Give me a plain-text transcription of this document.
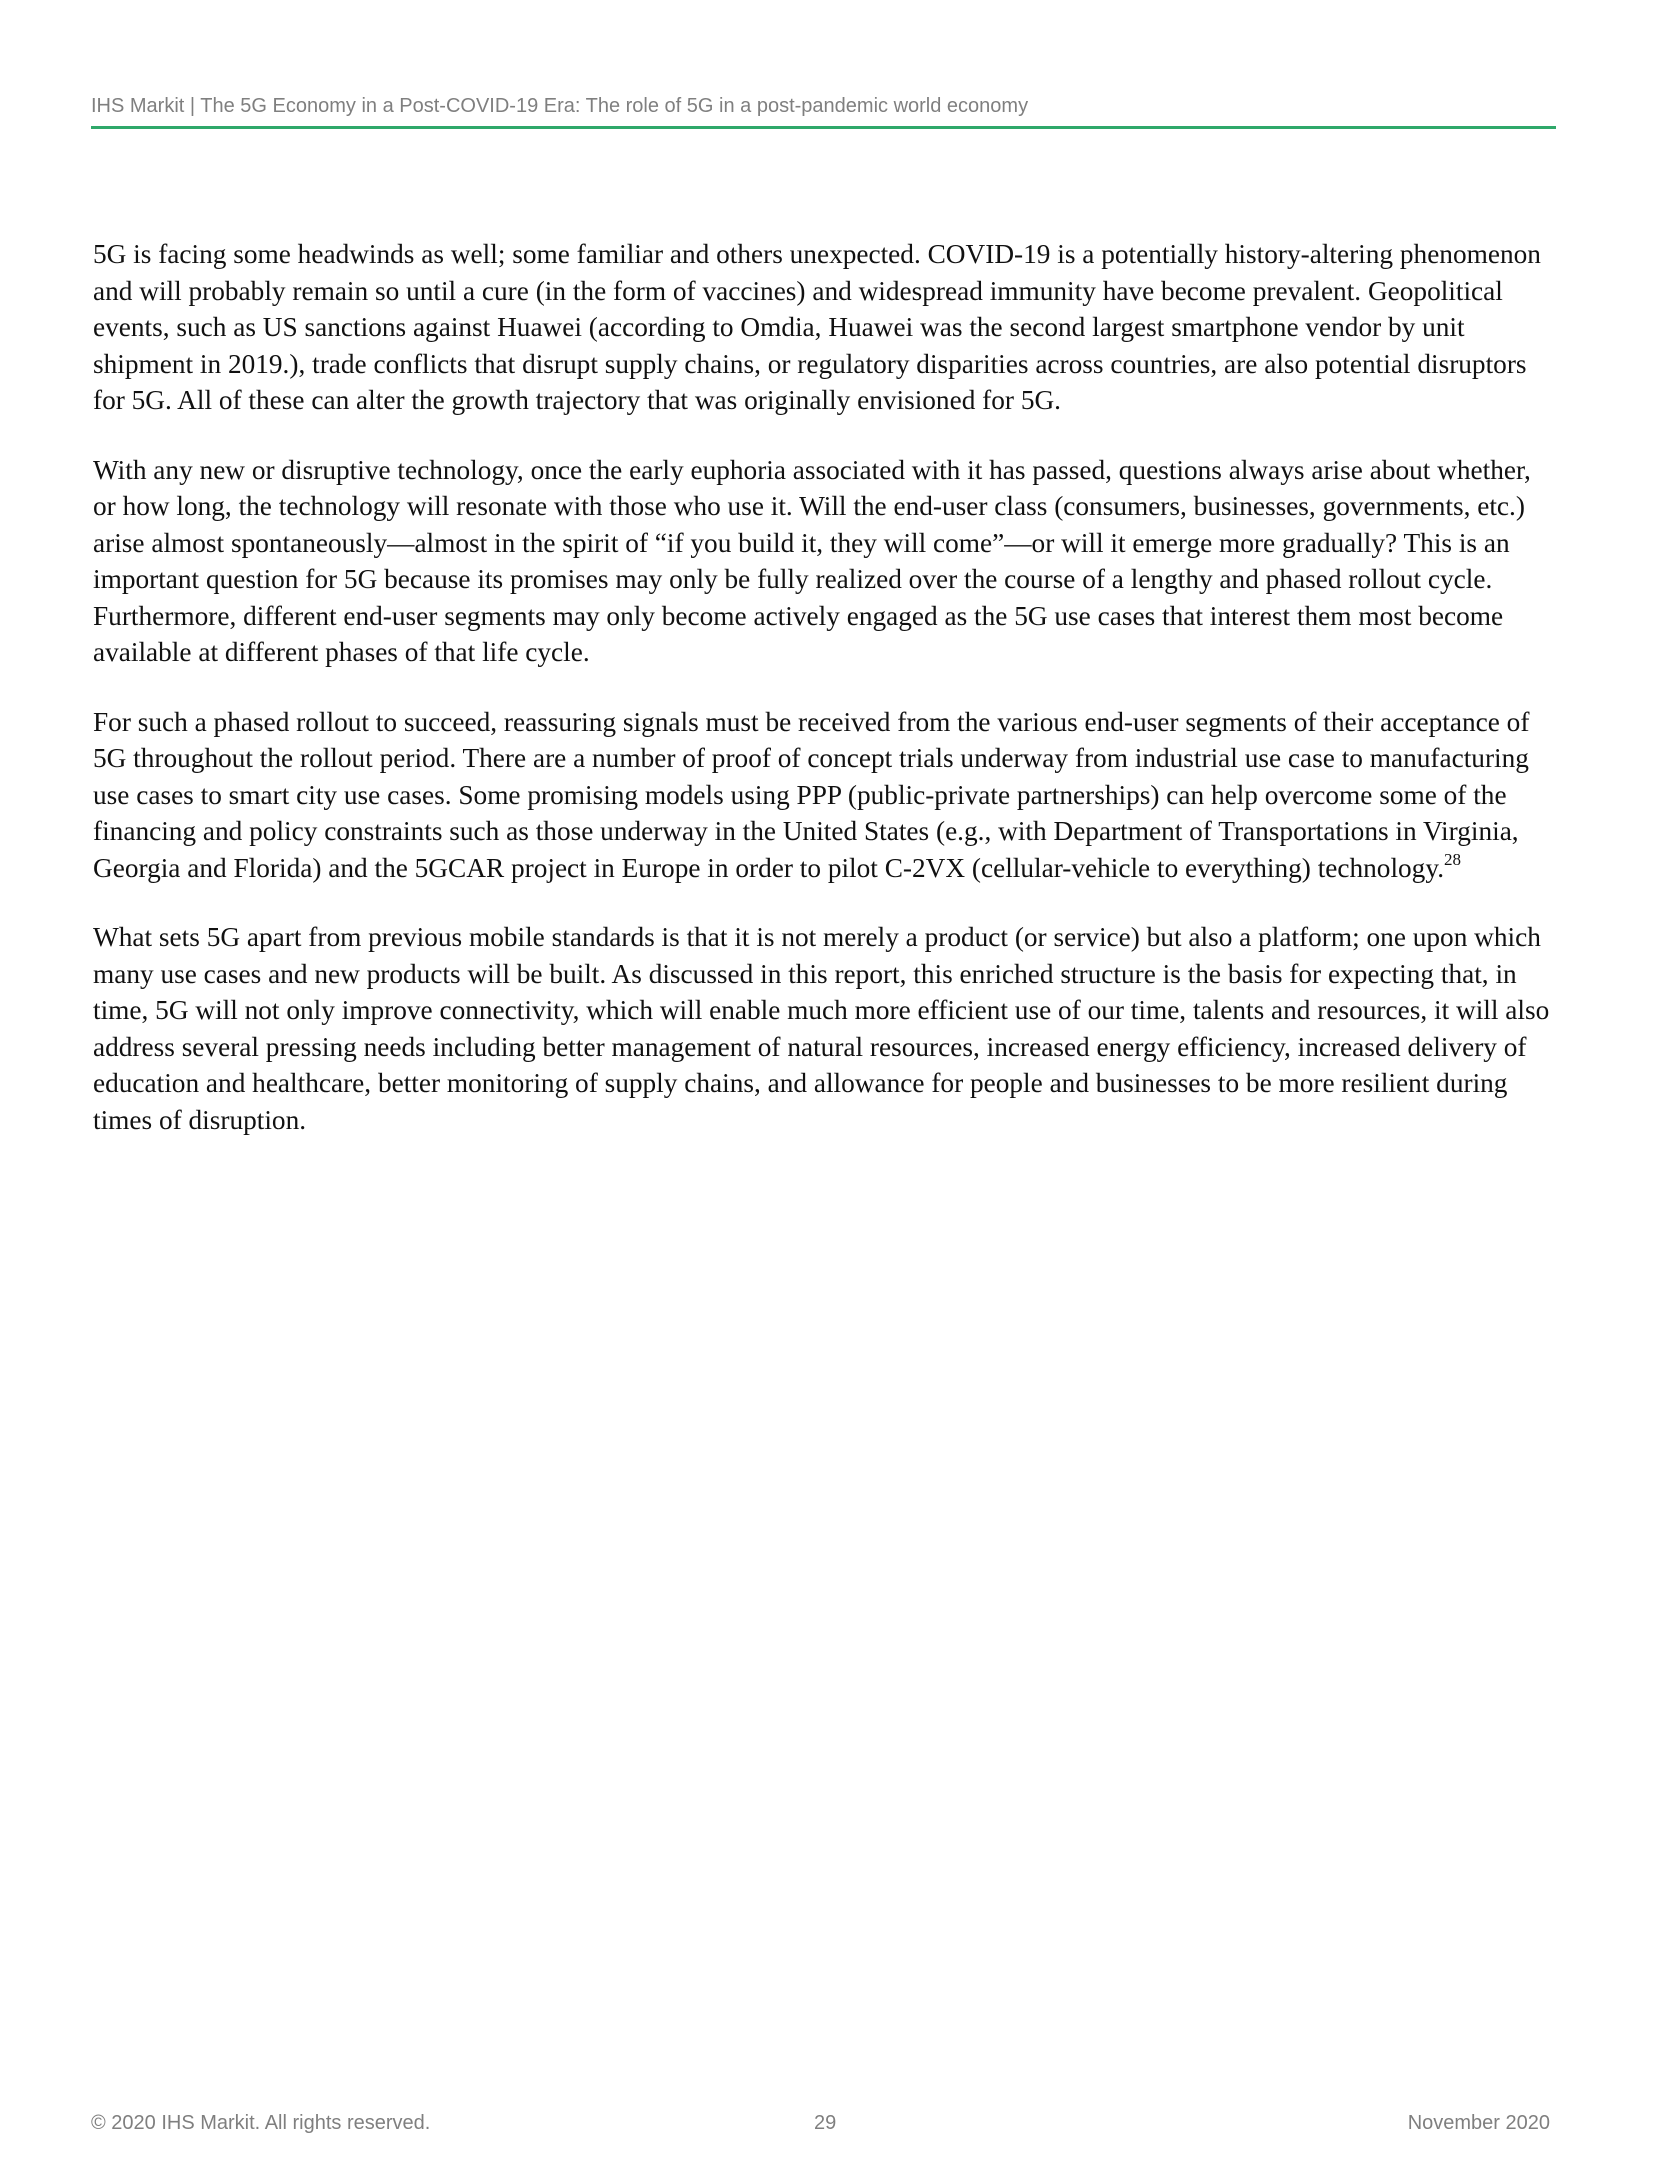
IHS Markit | The 5G Economy in a Post-COVID-19 Era: The role of 5G in a post-pandemic world economy

5G is facing some headwinds as well; some familiar and others unexpected. COVID-19 is a potentially history-altering phenomenon and will probably remain so until a cure (in the form of vaccines) and widespread immunity have become prevalent. Geopolitical events, such as US sanctions against Huawei (according to Omdia, Huawei was the second largest smartphone vendor by unit shipment in 2019.), trade conflicts that disrupt supply chains, or regulatory disparities across countries, are also potential disruptors for 5G. All of these can alter the growth trajectory that was originally envisioned for 5G.

With any new or disruptive technology, once the early euphoria associated with it has passed, questions always arise about whether, or how long, the technology will resonate with those who use it. Will the end-user class (consumers, businesses, governments, etc.) arise almost spontaneously—almost in the spirit of “if you build it, they will come”—or will it emerge more gradually? This is an important question for 5G because its promises may only be fully realized over the course of a lengthy and phased rollout cycle. Furthermore, different end-user segments may only become actively engaged as the 5G use cases that interest them most become available at different phases of that life cycle.

For such a phased rollout to succeed, reassuring signals must be received from the various end-user segments of their acceptance of 5G throughout the rollout period. There are a number of proof of concept trials underway from industrial use case to manufacturing use cases to smart city use cases. Some promising models using PPP (public-private partnerships) can help overcome some of the financing and policy constraints such as those underway in the United States (e.g., with Department of Transportations in Virginia, Georgia and Florida) and the 5GCAR project in Europe in order to pilot C-2VX (cellular-vehicle to everything) technology.$^{28}$

What sets 5G apart from previous mobile standards is that it is not merely a product (or service) but also a platform; one upon which many use cases and new products will be built. As discussed in this report, this enriched structure is the basis for expecting that, in time, 5G will not only improve connectivity, which will enable much more efficient use of our time, talents and resources, it will also address several pressing needs including better management of natural resources, increased energy efficiency, increased delivery of education and healthcare, better monitoring of supply chains, and allowance for people and businesses to be more resilient during times of disruption.

© 2020 IHS Markit. All rights reserved.	29	November 2020
